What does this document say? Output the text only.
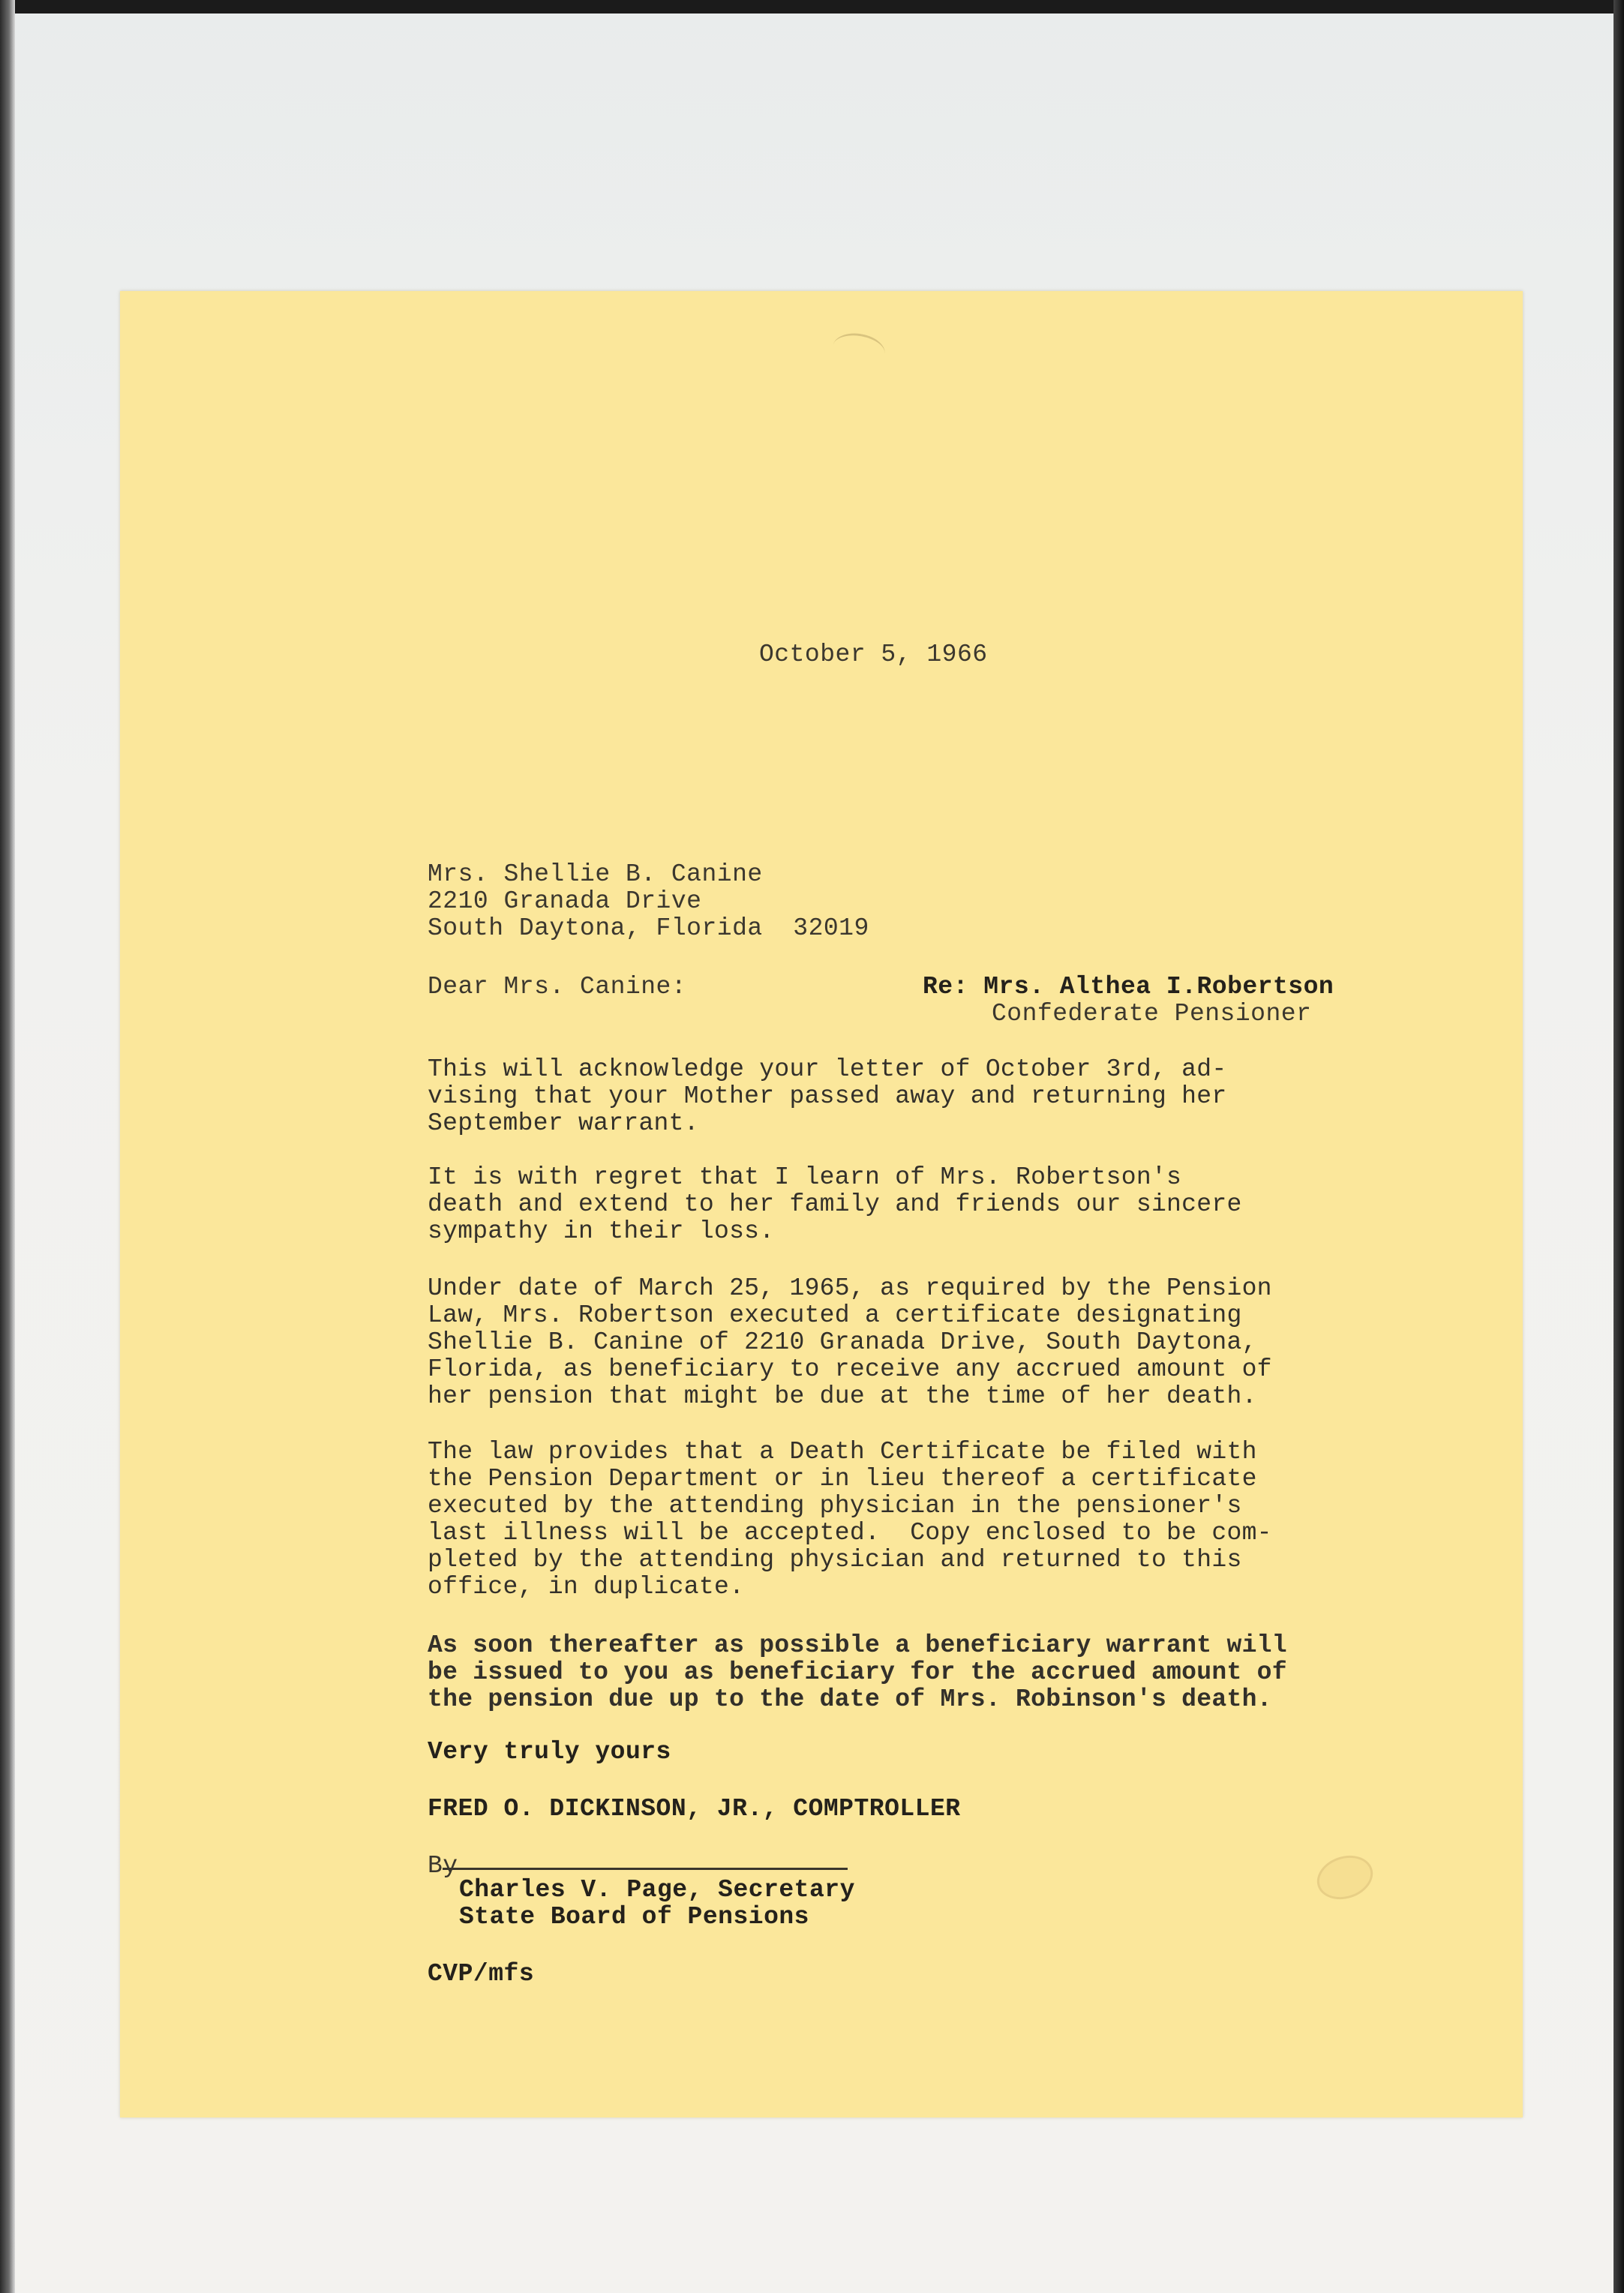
October 5, 1966
Mrs. Shellie B. Canine
2210 Granada Drive
South Daytona, Florida  32019
Dear Mrs. Canine:	Re: Mrs. Althea I.Robertson
Confederate Pensioner
This will acknowledge your letter of October 3rd, ad-
vising that your Mother passed away and returning her
September warrant.
It is with regret that I learn of Mrs. Robertson's
death and extend to her family and friends our sincere
sympathy in their loss.
Under date of March 25, 1965, as required by the Pension
Law, Mrs. Robertson executed a certificate designating
Shellie B. Canine of 2210 Granada Drive, South Daytona,
Florida, as beneficiary to receive any accrued amount of
her pension that might be due at the time of her death.
The law provides that a Death Certificate be filed with
the Pension Department or in lieu thereof a certificate
executed by the attending physician in the pensioner's
last illness will be accepted.  Copy enclosed to be com-
pleted by the attending physician and returned to this
office, in duplicate.
As soon thereafter as possible a beneficiary warrant will
be issued to you as beneficiary for the accrued amount of
the pension due up to the date of Mrs. Robinson's death.
Very truly yours
FRED O. DICKINSON, JR., COMPTROLLER
By
Charles V. Page, Secretary
State Board of Pensions
CVP/mfs
